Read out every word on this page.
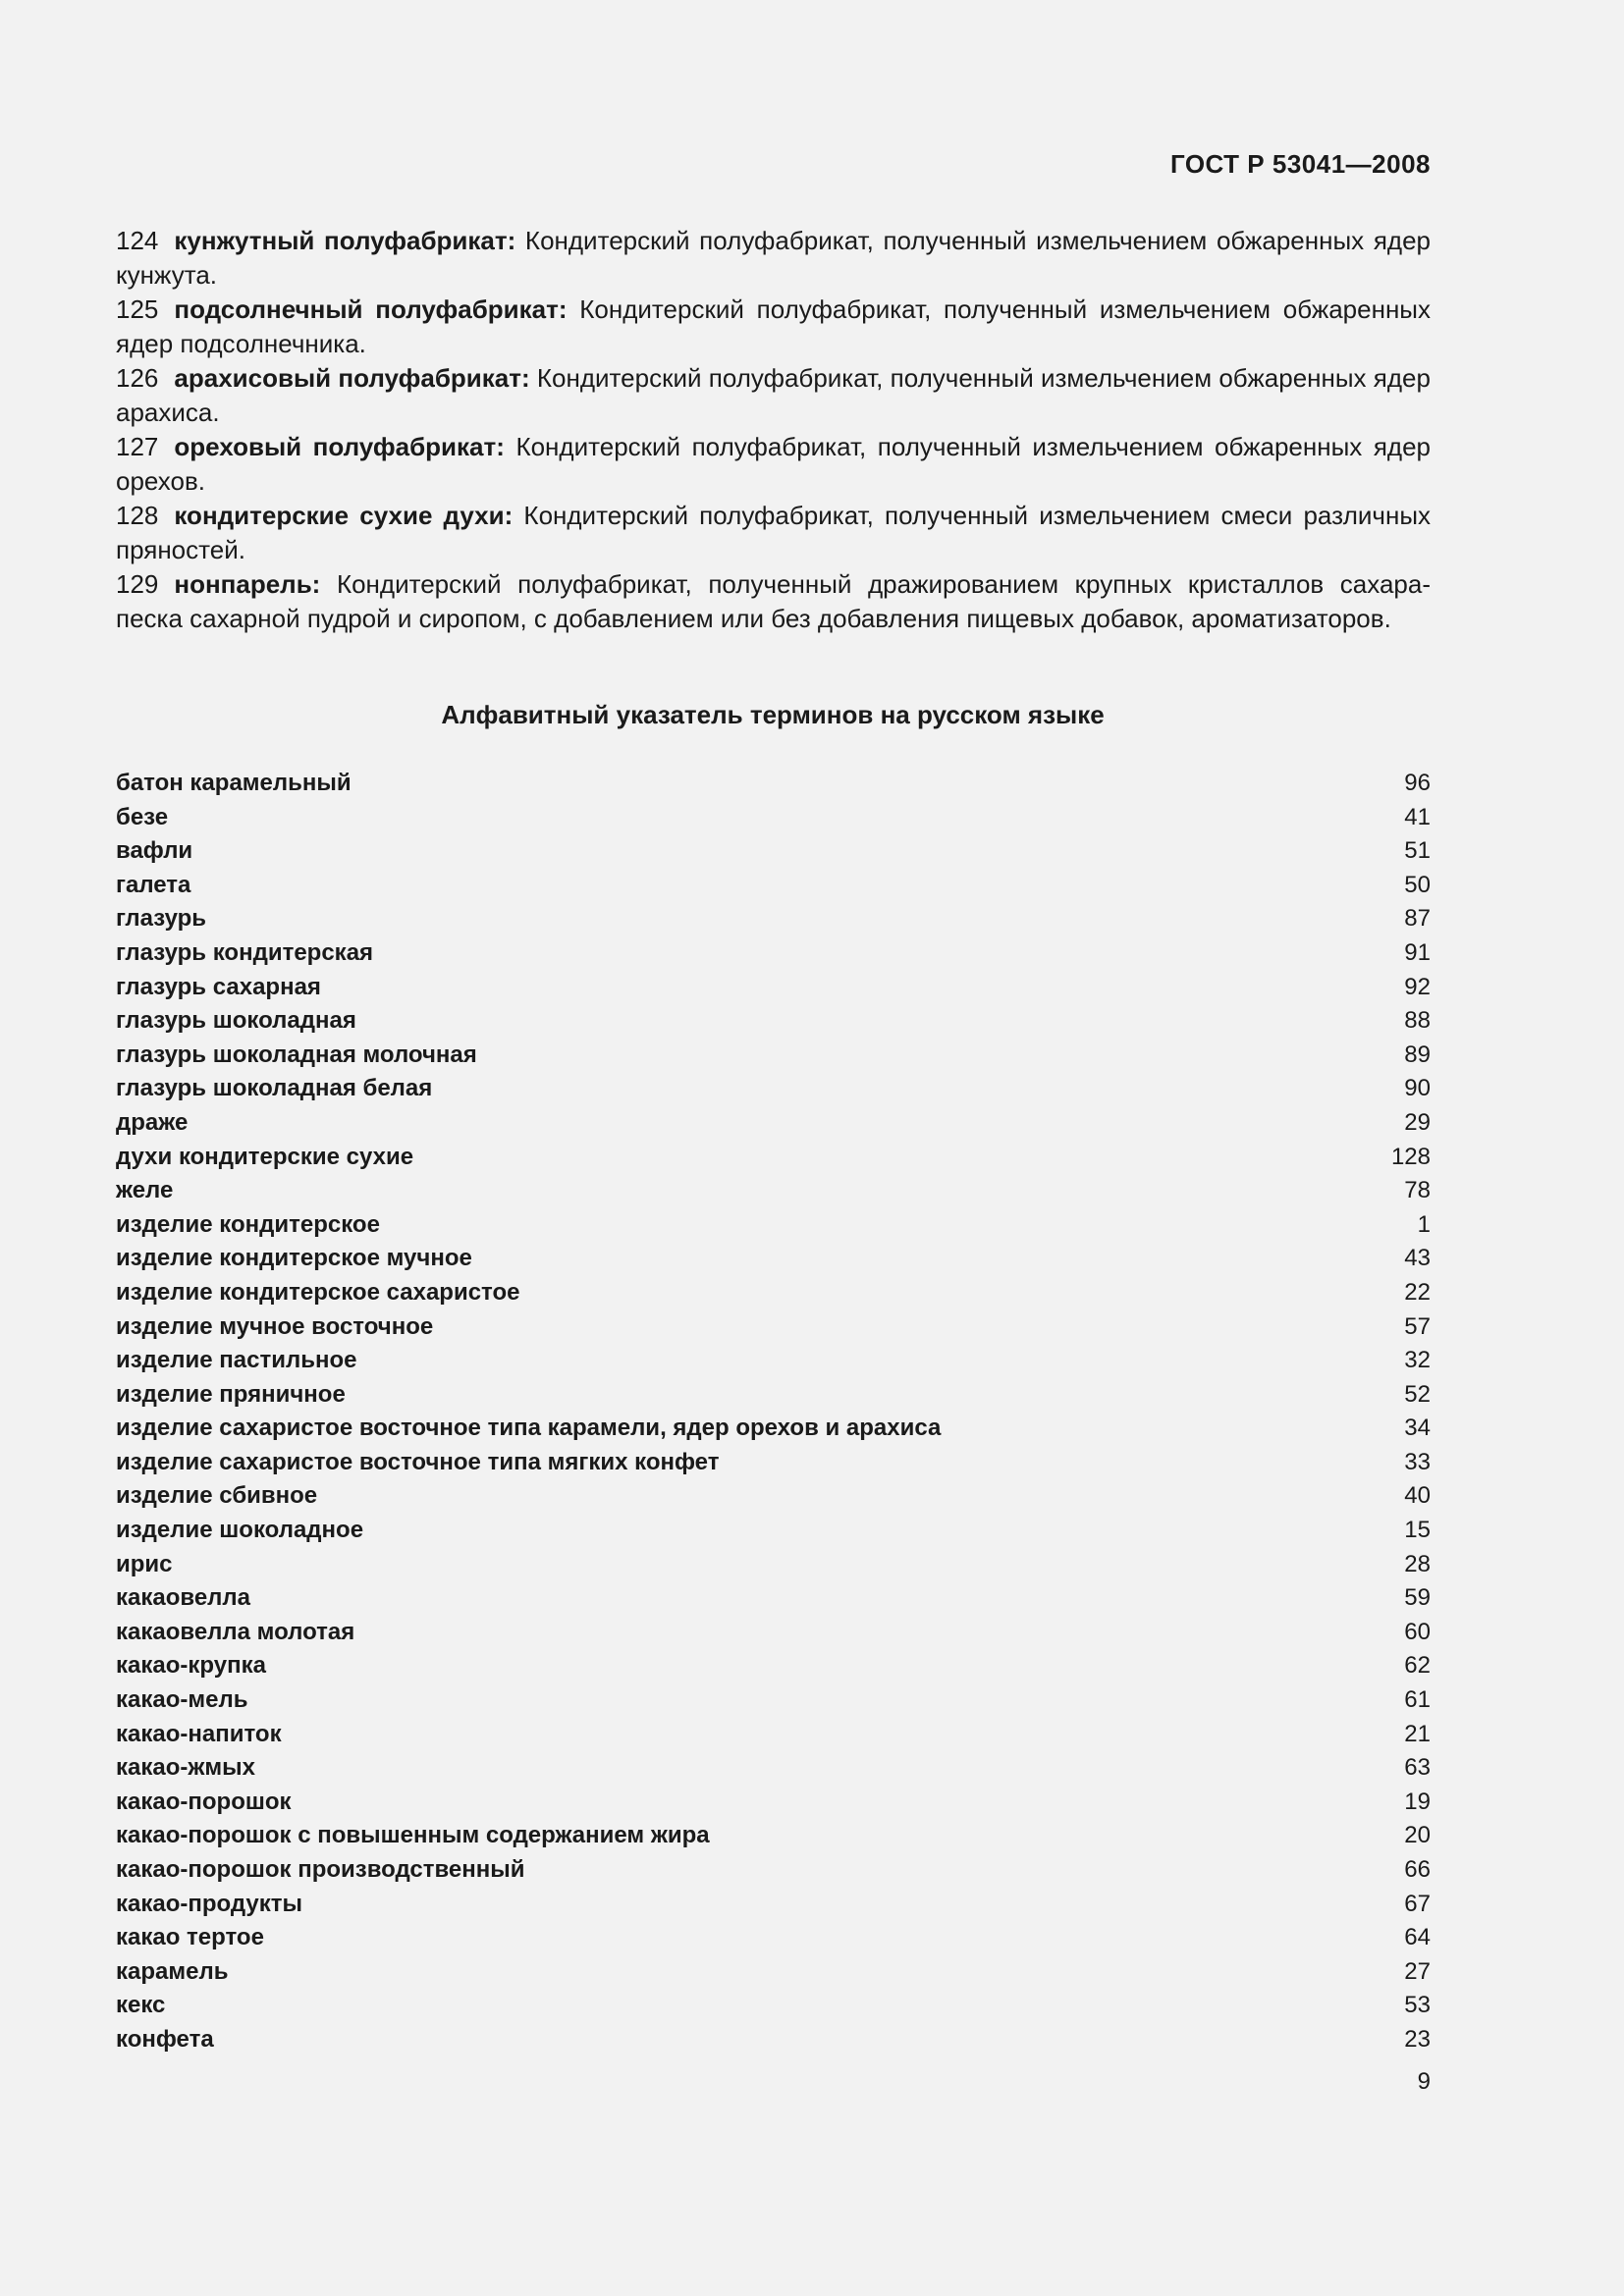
ГОСТ Р 53041—2008

124 кунжутный полуфабрикат: Кондитерский полуфабрикат, полученный измельчением обжаренных ядер кунжута.

125 подсолнечный полуфабрикат: Кондитерский полуфабрикат, полученный измельчением обжаренных ядер подсолнечника.

126 арахисовый полуфабрикат: Кондитерский полуфабрикат, полученный измельчением обжаренных ядер арахиса.

127 ореховый полуфабрикат: Кондитерский полуфабрикат, полученный измельчением обжаренных ядер орехов.

128 кондитерские сухие духи: Кондитерский полуфабрикат, полученный измельчением смеси различных пряностей.

129 нонпарель: Кондитерский полуфабрикат, полученный дражированием крупных кристаллов сахара-песка сахарной пудрой и сиропом, с добавлением или без добавления пищевых добавок, ароматизаторов.

Алфавитный указатель терминов на русском языке
батон карамельный	96
безе	41
вафли	51
галета	50
глазурь	87
глазурь кондитерская	91
глазурь сахарная	92
глазурь шоколадная	88
глазурь шоколадная молочная	89
глазурь шоколадная белая	90
драже	29
духи кондитерские сухие	128
желе	78
изделие кондитерское	1
изделие кондитерское мучное	43
изделие кондитерское сахаристое	22
изделие мучное восточное	57
изделие пастильное	32
изделие пряничное	52
изделие сахаристое восточное типа карамели, ядер орехов и арахиса	34
изделие сахаристое восточное типа мягких конфет	33
изделие сбивное	40
изделие шоколадное	15
ирис	28
какаовелла	59
какаовелла молотая	60
какао-крупка	62
какао-мель	61
какао-напиток	21
какао-жмых	63
какао-порошок	19
какао-порошок с повышенным содержанием жира	20
какао-порошок производственный	66
какао-продукты	67
какао тертое	64
карамель	27
кекс	53
конфета	23
9
